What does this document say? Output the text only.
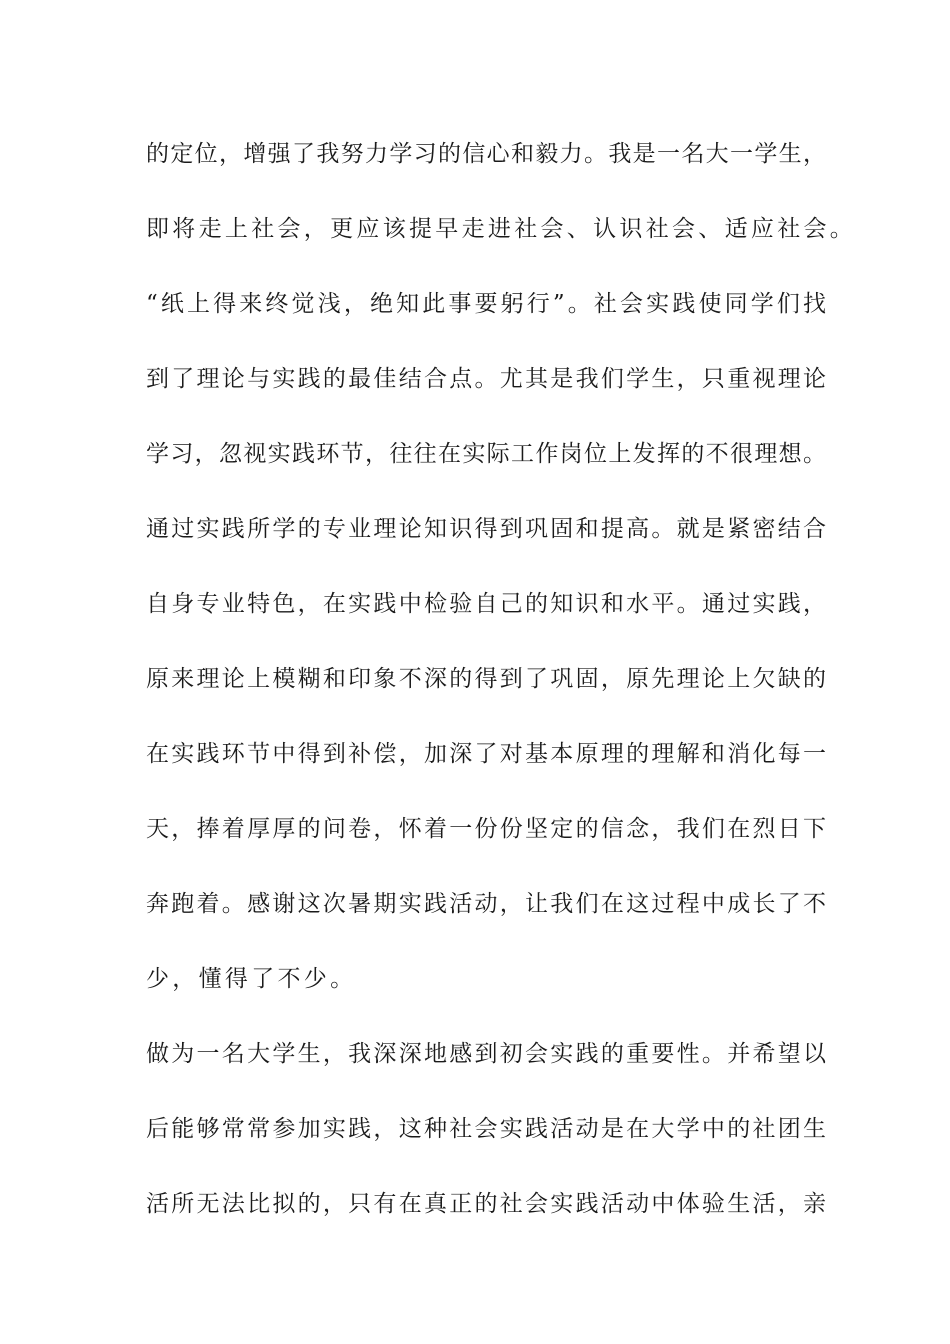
的定位，增强了我努力学习的信心和毅力。我是一名大一学生，
即将走上社会，更应该提早走进社会、认识社会、适应社会。
“纸上得来终觉浅，绝知此事要躬行”。社会实践使同学们找
到了理论与实践的最佳结合点。尤其是我们学生，只重视理论
学习，忽视实践环节，往往在实际工作岗位上发挥的不很理想。
通过实践所学的专业理论知识得到巩固和提高。就是紧密结合
自身专业特色，在实践中检验自己的知识和水平。通过实践，
原来理论上模糊和印象不深的得到了巩固，原先理论上欠缺的
在实践环节中得到补偿，加深了对基本原理的理解和消化每一
天，捧着厚厚的问卷，怀着一份份坚定的信念，我们在烈日下
奔跑着。感谢这次暑期实践活动，让我们在这过程中成长了不
少，懂得了不少。
做为一名大学生，我深深地感到初会实践的重要性。并希望以
后能够常常参加实践，这种社会实践活动是在大学中的社团生
活所无法比拟的，只有在真正的社会实践活动中体验生活，亲
